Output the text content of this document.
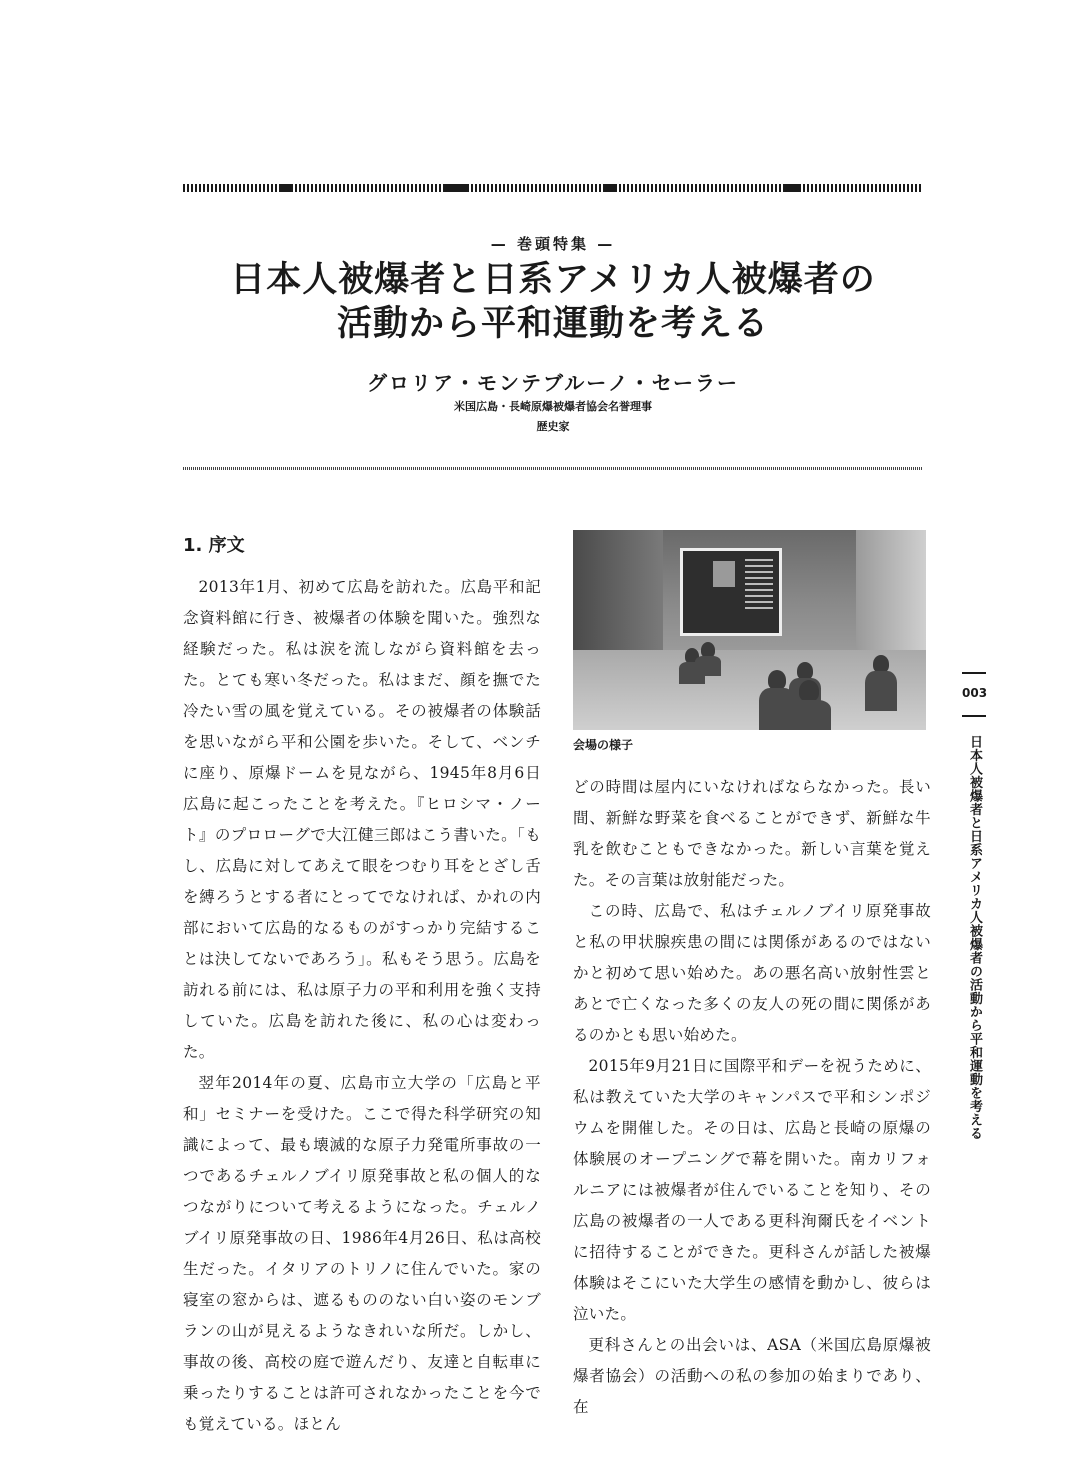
— 巻頭特集 —
日本人被爆者と日系アメリカ人被爆者の
活動から平和運動を考える
グロリア・モンテブルーノ・セーラー
米国広島・長崎原爆被爆者協会名誉理事
歴史家
1. 序文

2013年1月、初めて広島を訪れた。広島平和記念資料館に行き、被爆者の体験を聞いた。強烈な経験だった。私は涙を流しながら資料館を去った。とても寒い冬だった。私はまだ、顔を撫でた冷たい雪の風を覚えている。その被爆者の体験話を思いながら平和公園を歩いた。そして、ベンチに座り、原爆ドームを見ながら、1945年8月6日広島に起こったことを考えた。『ヒロシマ・ノート』のプロローグで大江健三郎はこう書いた。「もし、広島に対してあえて眼をつむり耳をとざし舌を縛ろうとする者にとってでなければ、かれの内部において広島的なるものがすっかり完結することは決してないであろう」。私もそう思う。広島を訪れる前には、私は原子力の平和利用を強く支持していた。広島を訪れた後に、私の心は変わった。

翌年2014年の夏、広島市立大学の「広島と平和」セミナーを受けた。ここで得た科学研究の知識によって、最も壊滅的な原子力発電所事故の一つであるチェルノブイリ原発事故と私の個人的なつながりについて考えるようになった。チェルノブイリ原発事故の日、1986年4月26日、私は高校生だった。イタリアのトリノに住んでいた。家の寝室の窓からは、遮るもののない白い姿のモンブランの山が見えるようなきれいな所だ。しかし、事故の後、高校の庭で遊んだり、友達と自転車に乗ったりすることは許可されなかったことを今でも覚えている。ほとん

会場の様子

どの時間は屋内にいなければならなかった。長い間、新鮮な野菜を食べることができず、新鮮な牛乳を飲むこともできなかった。新しい言葉を覚えた。その言葉は放射能だった。

この時、広島で、私はチェルノブイリ原発事故と私の甲状腺疾患の間には関係があるのではないかと初めて思い始めた。あの悪名高い放射性雲とあとで亡くなった多くの友人の死の間に関係があるのかとも思い始めた。

2015年9月21日に国際平和デーを祝うために、私は教えていた大学のキャンパスで平和シンポジウムを開催した。その日は、広島と長崎の原爆の体験展のオープニングで幕を開いた。南カリフォルニアには被爆者が住んでいることを知り、その広島の被爆者の一人である更科洵爾氏をイベントに招待することができた。更科さんが話した被爆体験はそこにいた大学生の感情を動かし、彼らは泣いた。

更科さんとの出会いは、ASA（米国広島原爆被爆者協会）の活動への私の参加の始まりであり、在

003
日本人被爆者と日系アメリカ人被爆者の活動から平和運動を考える
